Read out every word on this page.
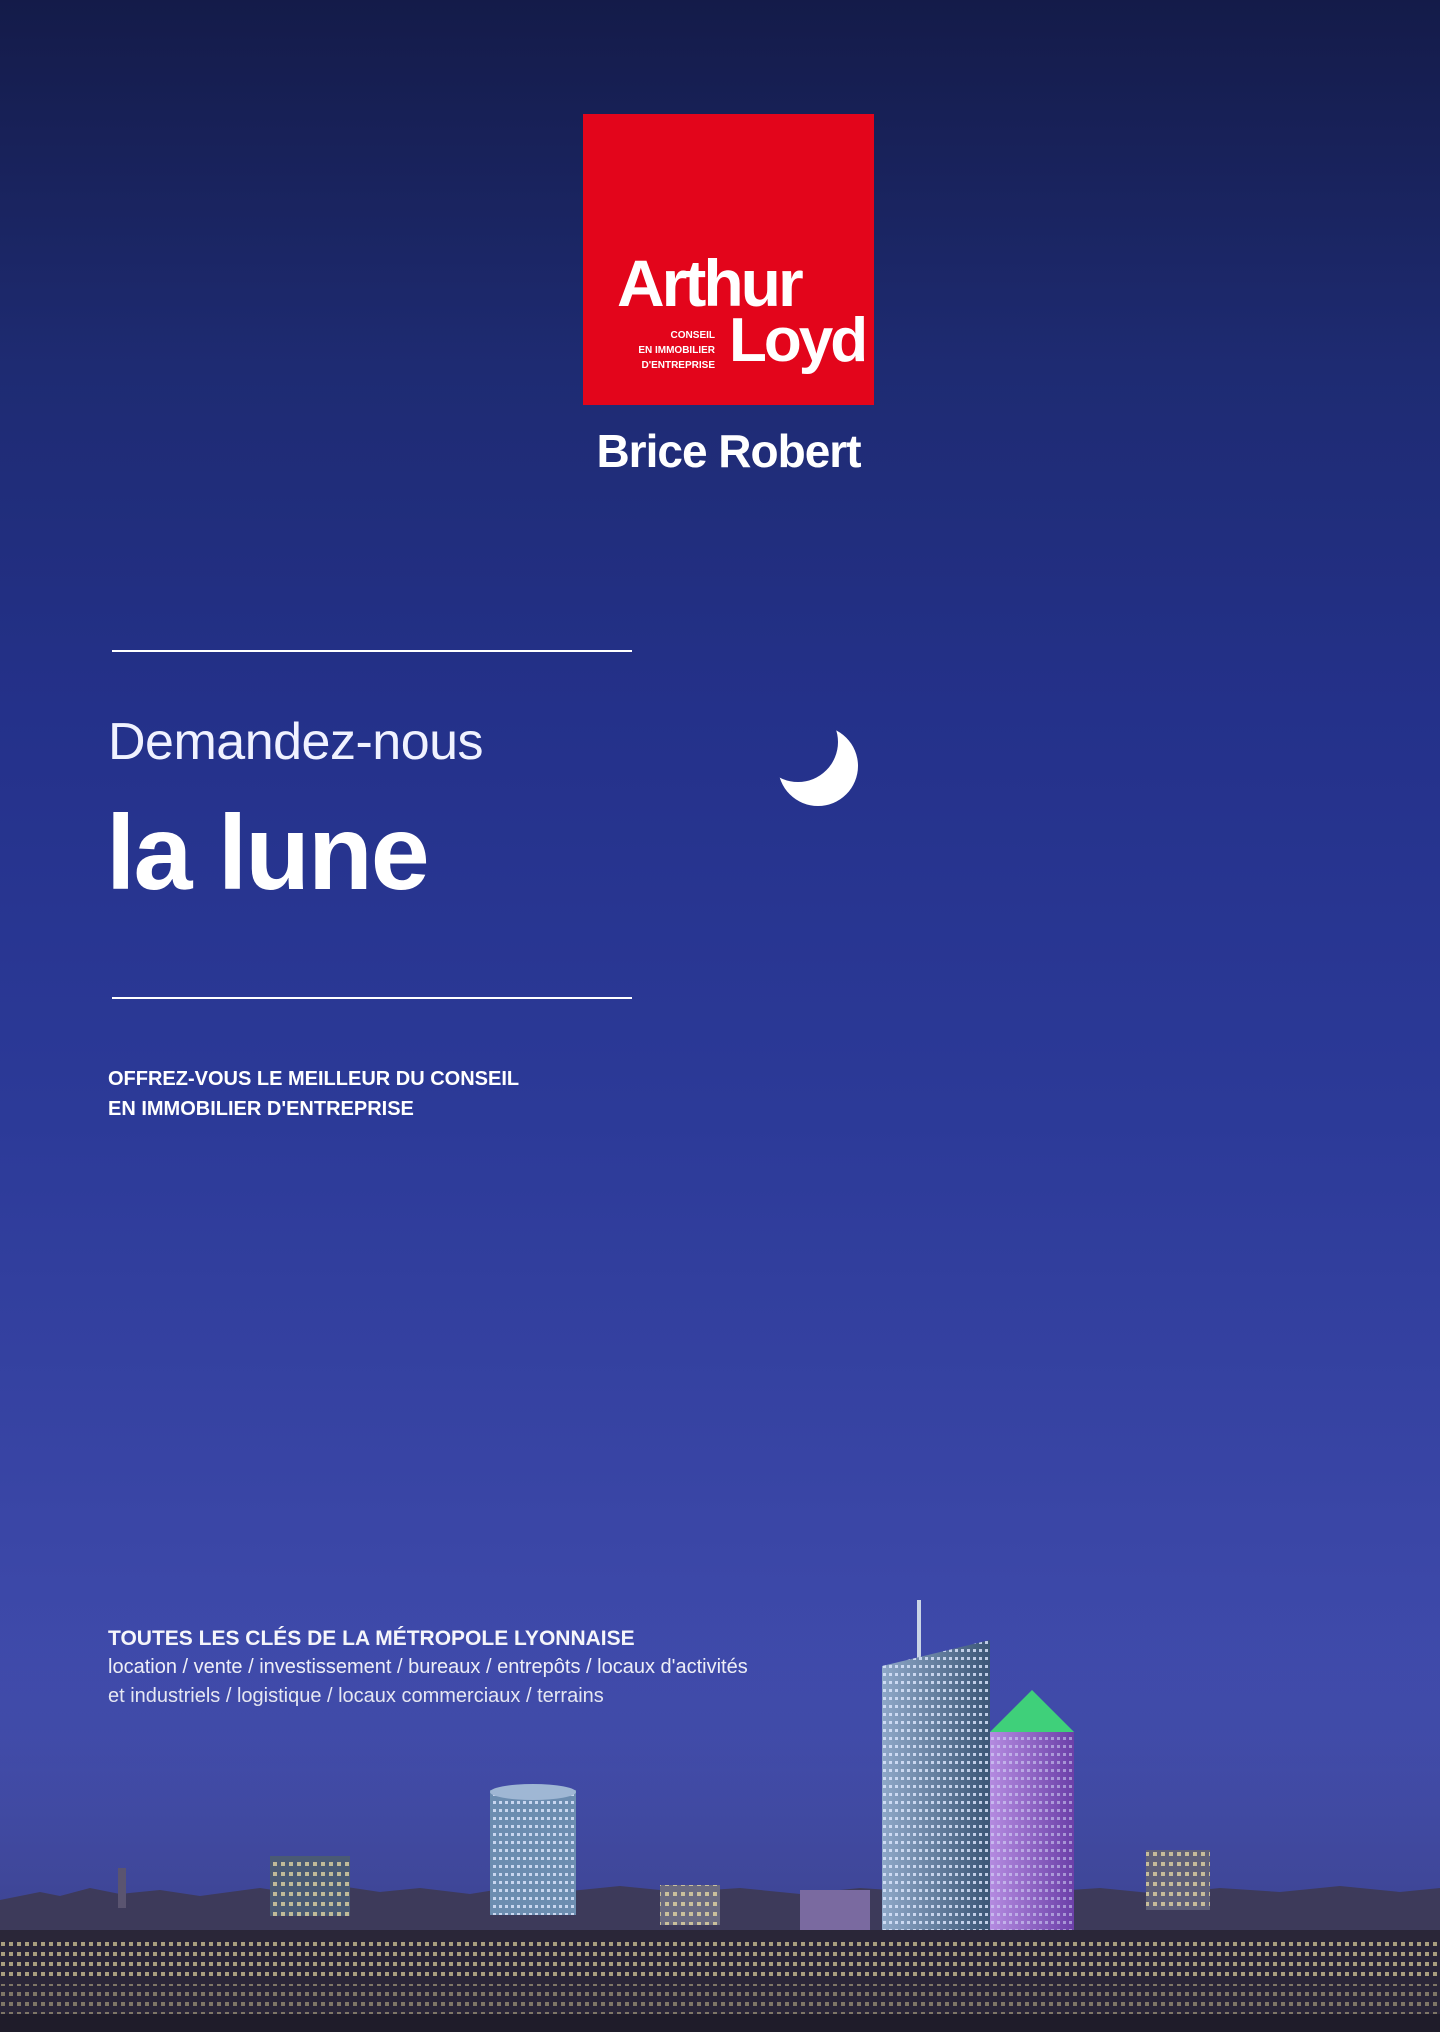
Arthur
CONSEIL
EN IMMOBILIER
D'ENTREPRISE Loyd
Brice Robert
Demandez-nous
la lune
OFFREZ-VOUS LE MEILLEUR DU CONSEIL
EN IMMOBILIER D'ENTREPRISE
